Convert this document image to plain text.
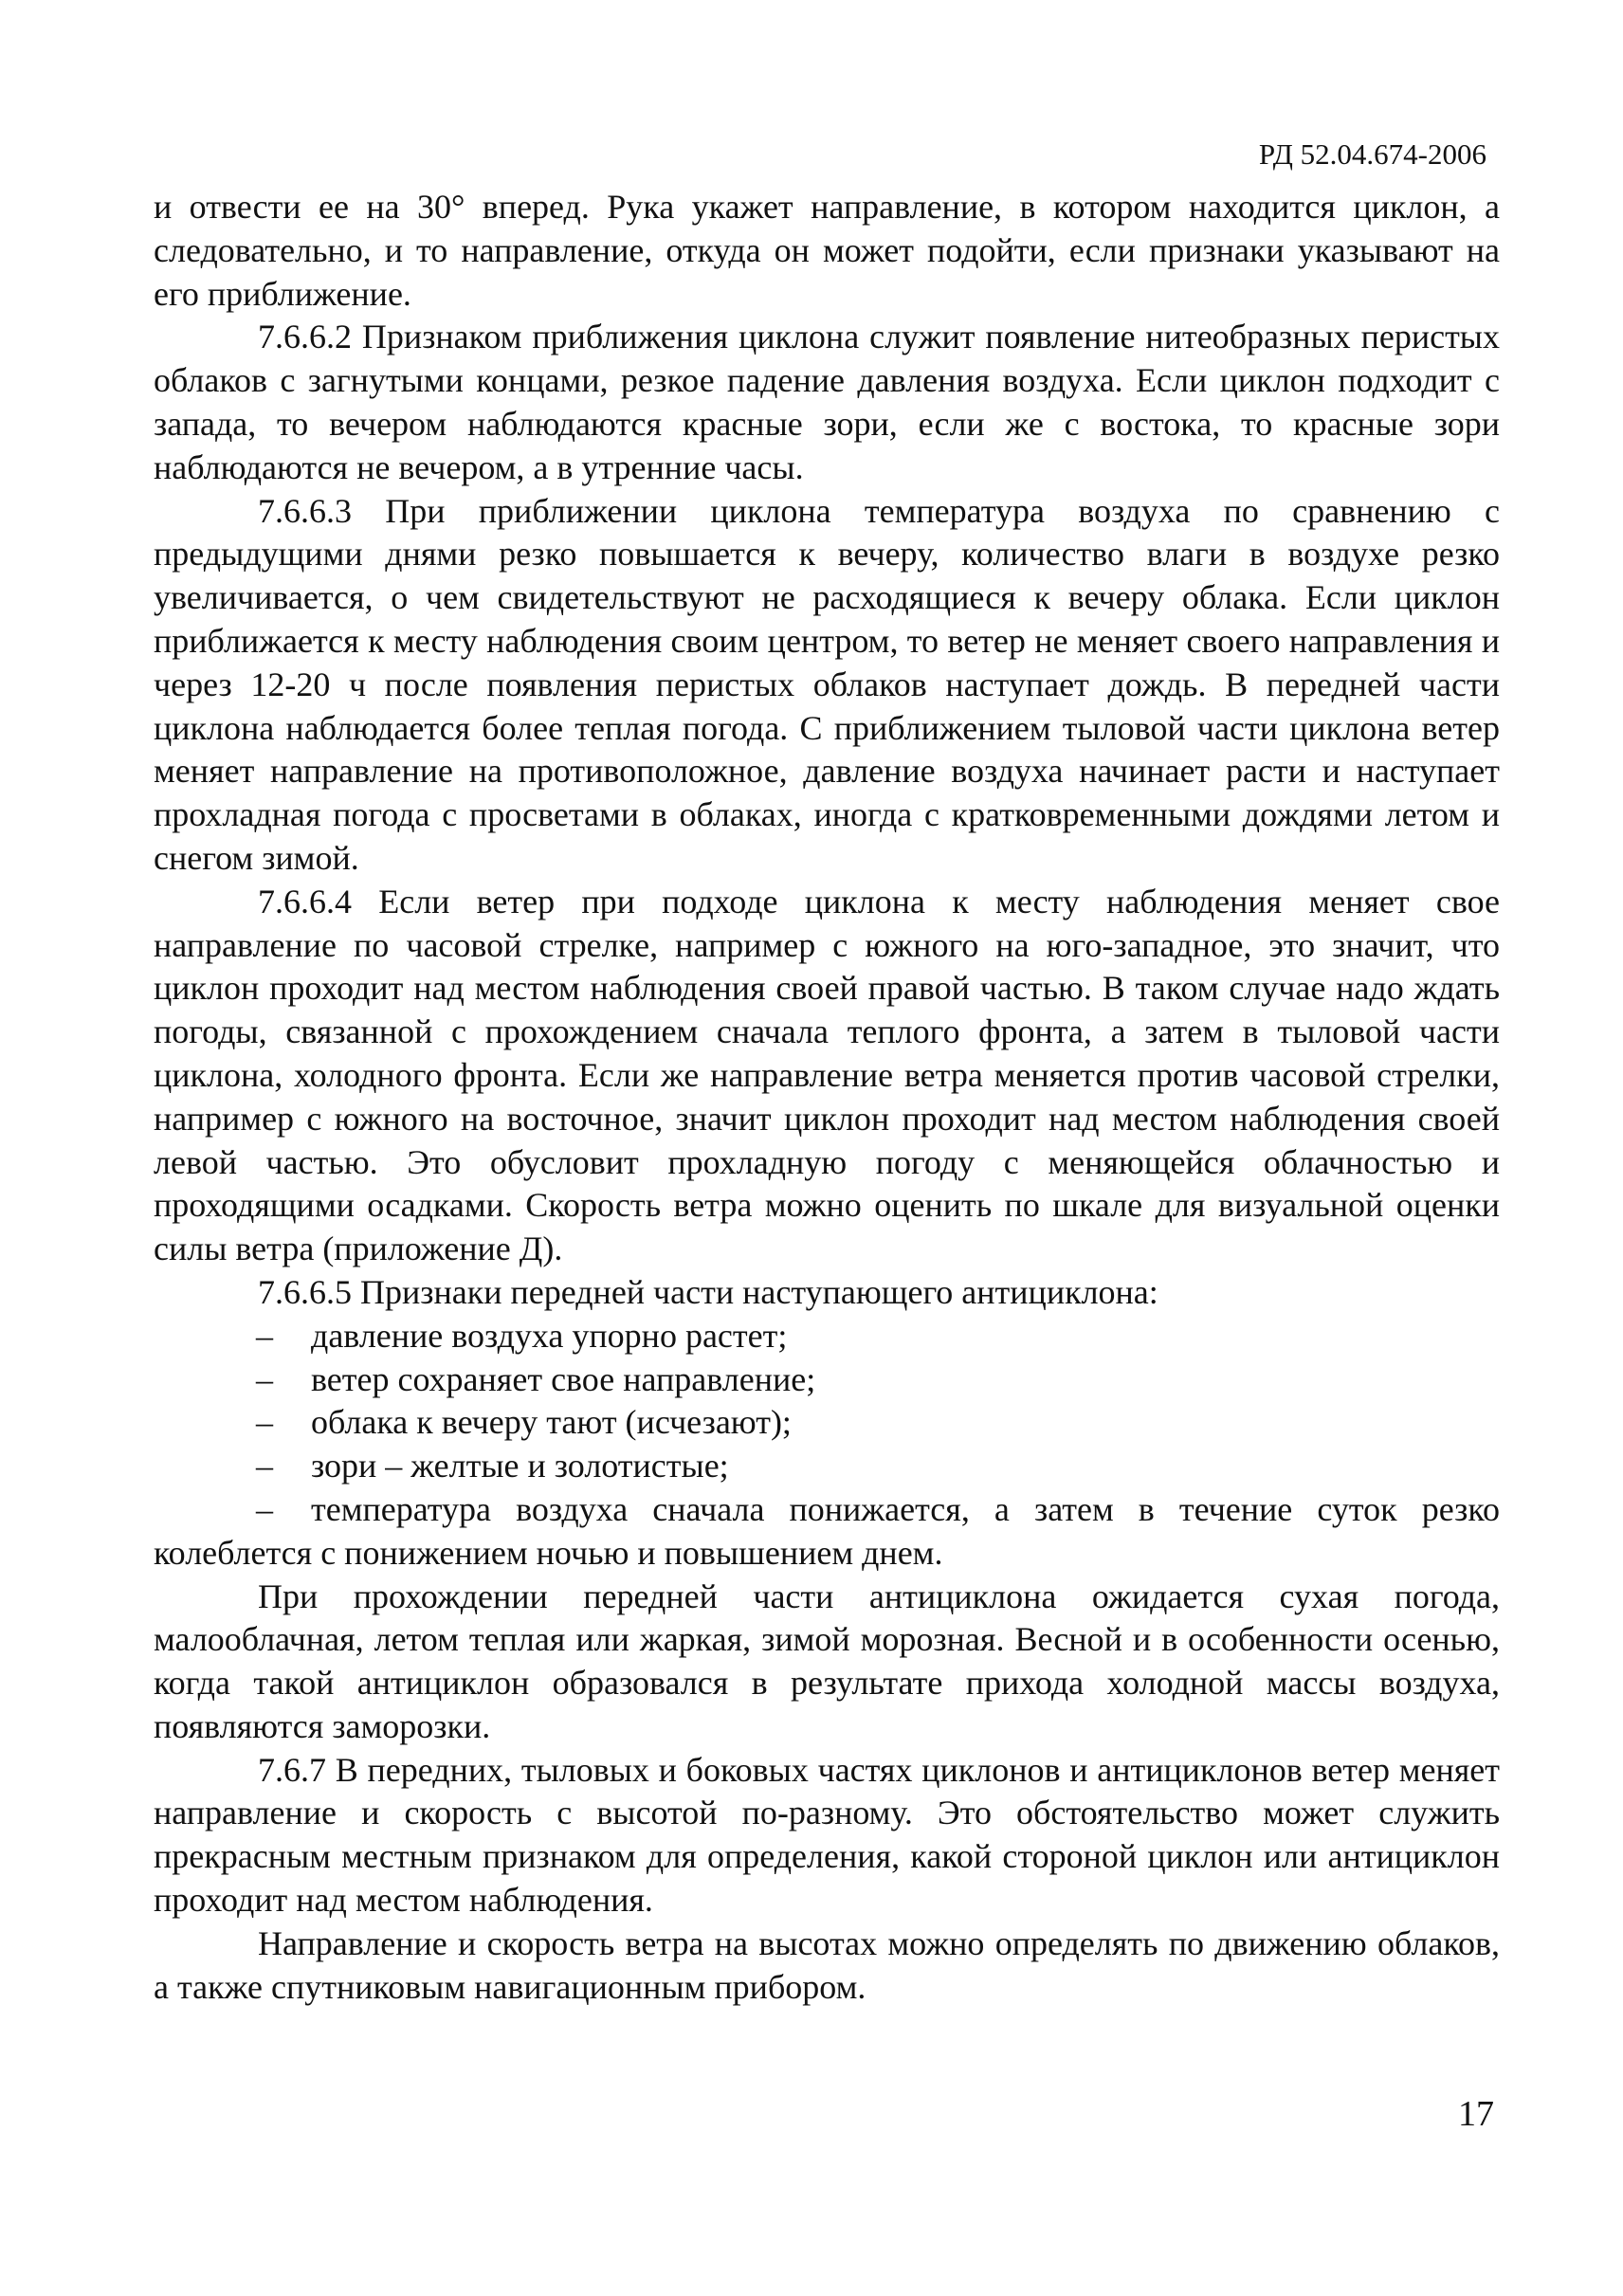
РД 52.04.674-2006

и отвести ее на 30° вперед. Рука укажет направление, в котором находится циклон, а следовательно, и то направление, откуда он может подойти, если признаки указывают на его приближение.

7.6.6.2 Признаком приближения циклона служит появление нитеобразных перистых облаков с загнутыми концами, резкое падение давления воздуха. Если циклон подходит с запада, то вечером наблюдаются красные зори, если же с востока, то красные зори наблюдаются не вечером, а в утренние часы.

7.6.6.3 При приближении циклона температура воздуха по сравнению с предыдущими днями резко повышается к вечеру, количество влаги в воздухе резко увеличивается, о чем свидетельствуют не расходящиеся к вечеру облака. Если циклон приближается к месту наблюдения своим центром, то ветер не меняет своего направления и через 12-20 ч после появления перистых облаков наступает дождь. В передней части циклона наблюдается более теплая погода. С приближением тыловой части циклона ветер меняет направление на противоположное, давление воздуха начинает расти и наступает прохладная погода с просветами в облаках, иногда с кратковременными дождями летом и снегом зимой.

7.6.6.4 Если ветер при подходе циклона к месту наблюдения меняет свое направление по часовой стрелке, например с южного на юго-западное, это значит, что циклон проходит над местом наблюдения своей правой частью. В таком случае надо ждать погоды, связанной с прохождением сначала теплого фронта, а затем в тыловой части циклона, холодного фронта. Если же направление ветра меняется против часовой стрелки, например с южного на восточное, значит циклон проходит над местом наблюдения своей левой частью. Это обусловит прохладную погоду с меняющейся облачностью и проходящими осадками. Скорость ветра можно оценить по шкале для визуальной оценки силы ветра (приложение Д).

7.6.6.5 Признаки передней части наступающего антициклона:

– давление воздуха упорно растет;

– ветер сохраняет свое направление;

– облака к вечеру тают (исчезают);

– зори – желтые и золотистые;

– температура воздуха сначала понижается, а затем в течение суток резко колеблется с понижением ночью и повышением днем.

При прохождении передней части антициклона ожидается сухая погода, малооблачная, летом теплая или жаркая, зимой морозная. Весной и в особенности осенью, когда такой антициклон образовался в результате прихода холодной массы воздуха, появляются заморозки.

7.6.7 В передних, тыловых и боковых частях циклонов и антициклонов ветер меняет направление и скорость с высотой по-разному. Это обстоятельство может служить прекрасным местным признаком для определения, какой стороной циклон или антициклон проходит над местом наблюдения.

Направление и скорость ветра на высотах можно определять по движению облаков, а также спутниковым навигационным прибором.

17
